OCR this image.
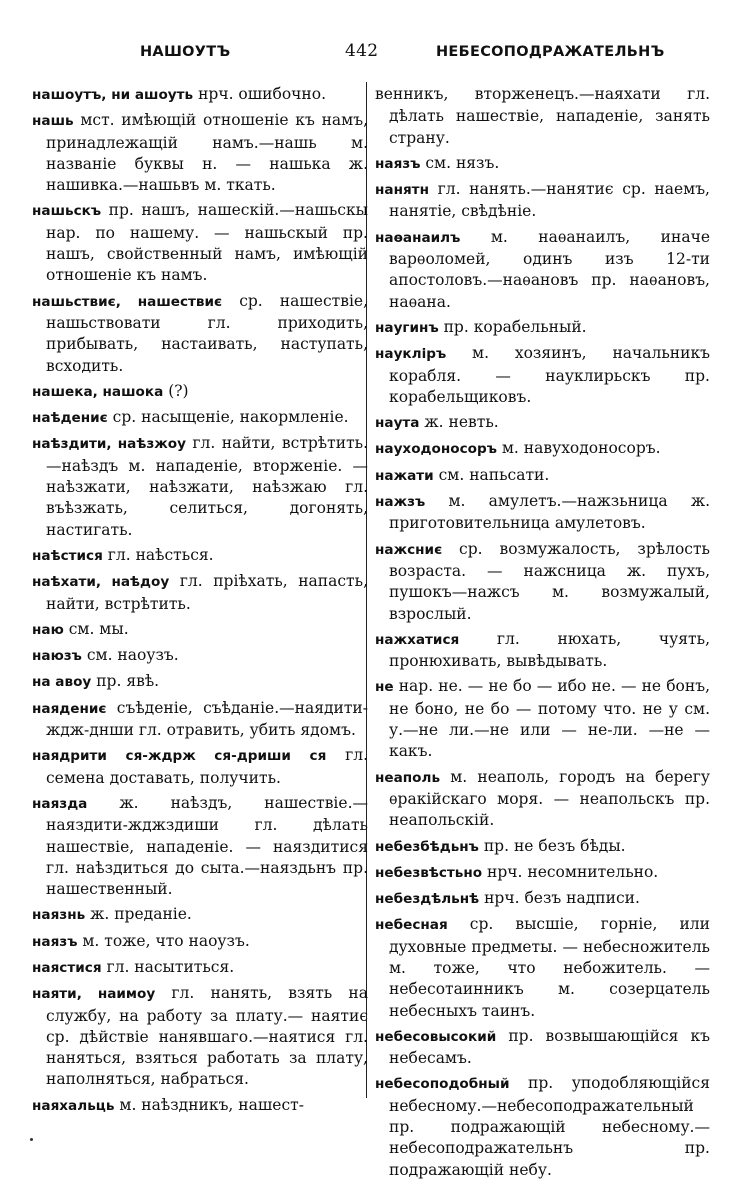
НАШОУТЪ	442	НЕБЕСОПОДРАЖАТЕЛЬНЪ
нашоутъ, ни ашоуть нрч. ошибочно.
нашь мст. имѣющій отношеніе къ намъ, принадлежащій намъ.—нашь м. названіе буквы н. — нашька ж. нашивка.—нашьвъ м. ткать.
нашьскъ пр. нашъ, нашескій.—нашьскы нар. по нашему. — нашьскый пр. нашъ, свойственный намъ, имѣющій отношеніе къ намъ.
нашьствиє, нашествиє ср. нашествіе, нашьствовати гл. приходить, прибывать, настаивать, наступать, всходить.
нашека, нашока (?)
наѣдениє ср. насыщеніе, накормленіе.
наѣздити, наѣзжоу гл. найти, встрѣтить.—наѣздъ м. нападеніе, вторженіе. — наѣзжати, наѣзжати, наѣзжаю гл. въѣзжать, селиться, догонять, настигать.
наѣстися гл. наѣсться.
наѣхати, наѣдоу гл. пріѣхать, напасть, найти, встрѣтить.
наю см. мы.
наюзъ см. наоузъ.
на авоу пр. явѣ.
наядениє съѣденіе, съѣданіе.—наядити-ждж-днши гл. отравить, убить ядомъ.
наядрити ся-ждрж ся-дриши ся гл. семена доставать, получить.
наязда ж. наѣздъ, нашествіе.—наяздити-жджздиши гл. дѣлать нашествіе, нападеніе. — наяздитися гл. наѣздиться до сыта.—наяздьнъ пр. нашественный.
наязнь ж. преданіе.
наязъ м. тоже, что наоузъ.
наястися гл. насытиться.
наяти, наимоу гл. нанять, взять на службу, на работу за плату.— наятиє ср. дѣйствіе нанявшаго.—наятися гл. наняться, взяться работать за плату, наполняться, набраться.
наяхальць м. наѣздникъ, нашест-
венникъ, вторженецъ.—наяхати гл. дѣлать нашествіе, нападеніе, занять страну.
наязъ см. нязъ.
нанятн гл. нанять.—нанятиє ср. наемъ, нанятіе, свѣдѣніе.
наѳанаилъ м. наѳанаилъ, иначе варѳоломей, одинъ изъ 12-ти апостоловъ.—наѳановъ пр. наѳановъ, наѳана.
наугинъ пр. корабельный.
наукліръ м. хозяинъ, начальникъ корабля. — науклирьскъ пр. корабельщиковъ.
наута ж. невть.
науходоносоръ м. навуходоносоръ.
нажати см. напьсати.
нажзъ м. амулетъ.—нажзьница ж. приготовительница амулетовъ.
нажсниє ср. возмужалость, зрѣлость возраста. — нажсница ж. пухъ, пушокъ—нажсъ м. возмужалый, взрослый.
нажхатися гл. нюхать, чуять, пронюхивать, вывѣдывать.
не нар. не. — не бо — ибо не. — не бонъ, не боно, не бо — потому что. не у см. у.—не ли.—не или — не-ли. —не — какъ.
неаполь м. неаполь, городъ на берегу ѳракійскаго моря. — неапольскъ пр. неапольскій.
небезбѣдьнъ пр. не безъ бѣды.
небезвѣстьно нрч. несомнительно.
небездѣльнѣ нрч. безъ надписи.
небесная ср. высшіе, горніе, или духовные предметы. — небесножитель м. тоже, что небожитель. — небесотаинникъ м. созерцатель небесныхъ таинъ.
небесовысокий пр. возвышающійся къ небесамъ.
небесоподобный пр. уподобляющійся небесному.—небесоподражательный пр. подражающій небесному.—небесоподражательнъ пр. подражающій небу.
